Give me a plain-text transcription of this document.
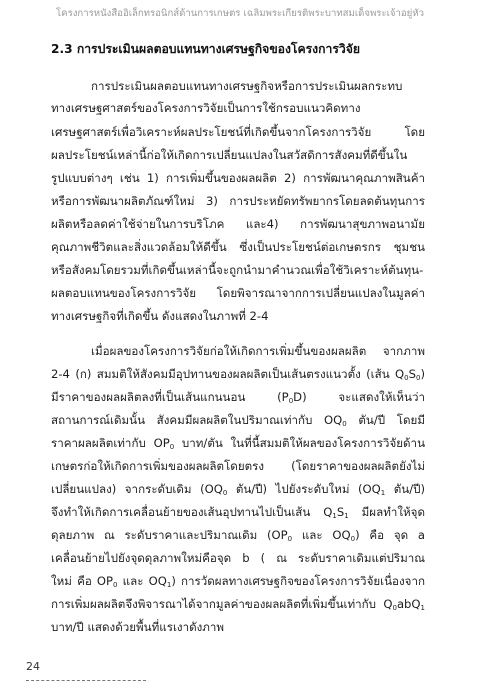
โครงการหนังสืออิเล็กทรอนิกส์ด้านการเกษตร เฉลิมพระเกียรติพระบาทสมเด็จพระเจ้าอยู่หัว
2.3 การประเมินผลตอบแทนทางเศรษฐกิจของโครงการวิจัย
การประเมินผลตอบแทนทางเศรษฐกิจหรือการประเมินผลกระทบ
ทางเศรษฐศาสตร์ของโครงการวิจัยเป็นการใช้กรอบแนวคิดทาง
เศรษฐศาสตร์เพื่อวิเคราะห์ผลประโยชน์ที่เกิดขึ้นจากโครงการวิจัย โดย
ผลประโยชน์เหล่านี้ก่อให้เกิดการเปลี่ยนแปลงในสวัสดิการสังคมที่ดีขึ้นใน
รูปแบบต่างๆ เช่น 1) การเพิ่มขึ้นของผลผลิต 2) การพัฒนาคุณภาพสินค้า
หรือการพัฒนาผลิตภัณฑ์ใหม่ 3) การประหยัดทรัพยากรโดยลดต้นทุนการ
ผลิตหรือลดค่าใช้จ่ายในการบริโภค และ4) การพัฒนาสุขภาพอนามัย
คุณภาพชีวิตและสิ่งแวดล้อมให้ดีขึ้น ซึ่งเป็นประโยชน์ต่อเกษตรกร ชุมชน
หรือสังคมโดยรวมที่เกิดขึ้นเหล่านี้จะถูกนำมาคำนวณเพื่อใช้วิเคราะห์ต้นทุน-
ผลตอบแทนของโครงการวิจัย โดยพิจารณาจากการเปลี่ยนแปลงในมูลค่า
ทางเศรษฐกิจที่เกิดขึ้น ดังแสดงในภาพที่ 2-4
เมื่อผลของโครงการวิจัยก่อให้เกิดการเพิ่มขึ้นของผลผลิต จากภาพ
2-4 (ก) สมมติให้สังคมมีอุปทานของผลผลิตเป็นเส้นตรงแนวตั้ง (เส้น $Q_0S_0$)
มีราคาของผลผลิตลงที่เป็นเส้นแกนนอน $(P_0D)$ จะแสดงให้เห็นว่า
สถานการณ์เดิมนั้น สังคมมีผลผลิตในปริมาณเท่ากับ $OQ_0$ ตัน/ปี โดยมี
ราคาผลผลิตเท่ากับ $OP_0$ บาท/ตัน ในที่นี้สมมติให้ผลของโครงการวิจัยด้าน
เกษตรก่อให้เกิดการเพิ่มของผลผลิตโดยตรง (โดยราคาของผลผลิตยังไม่
เปลี่ยนแปลง) จากระดับเดิม ($OQ_0$ ตัน/ปี) ไปยังระดับใหม่ ($OQ_1$ ตัน/ปี)
จึงทำให้เกิดการเคลื่อนย้ายของเส้นอุปทานไปเป็นเส้น $Q_1S_1$ มีผลทำให้จุด
ดุลยภาพ ณ ระดับราคาและปริมาณเดิม ($OP_0$ และ $OQ_0$) คือ จุด a
เคลื่อนย้ายไปยังจุดดุลภาพใหม่คือจุด b ( ณ ระดับราคาเดิมแต่ปริมาณ
ใหม่ คือ $OP_0$ และ $OQ_1$) การวัดผลทางเศรษฐกิจของโครงการวิจัยเนื่องจาก
การเพิ่มผลผลิตจึงพิจารณาได้จากมูลค่าของผลผลิตที่เพิ่มขึ้นเท่ากับ $Q_0abQ_1$
บาท/ปี แสดงด้วยพื้นที่แรเงาดังภาพ
24
